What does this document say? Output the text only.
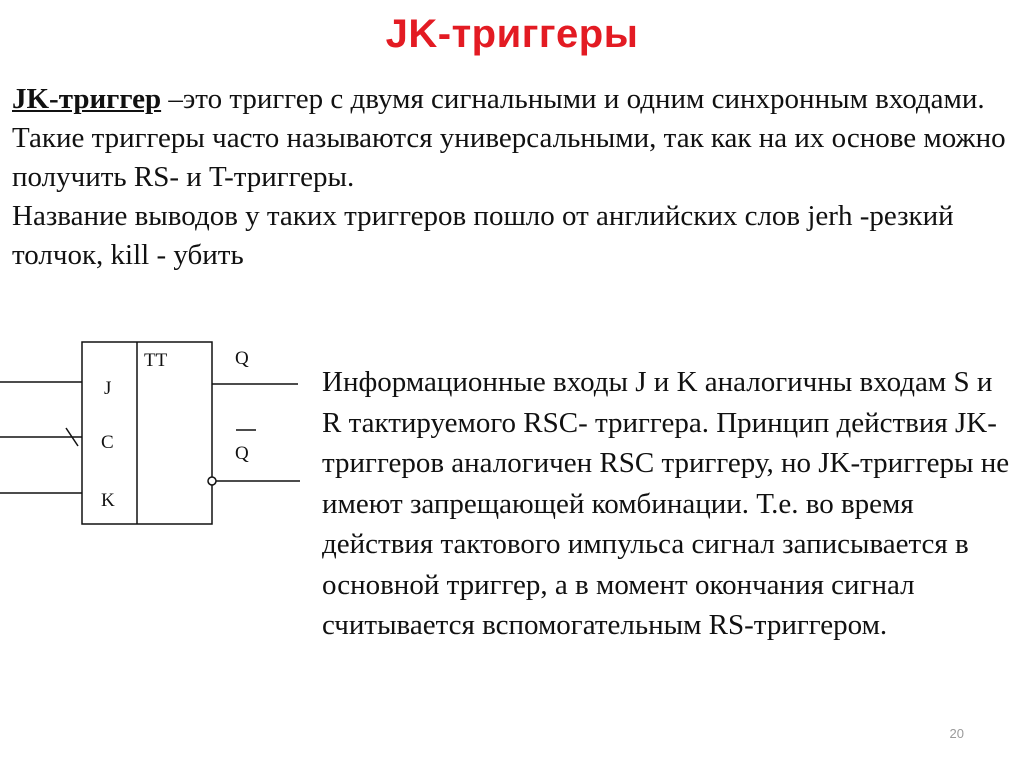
JK-триггеры
JK-триггер –это триггер с двумя сигнальными и одним синхронным входами.
Такие триггеры часто называются универсальными, так как на их основе можно получить RS- и T-триггеры.
Название выводов у таких триггеров пошло от английских слов jerh -резкий толчок, kill - убить
TT
J
C
K
Q
Q
Информационные входы J и K аналогичны входам S и R тактируемого RSC- триггера. Принцип действия JK-триггеров аналогичен RSC триггеру, но JK-триггеры не имеют запрещающей комбинации. Т.е. во время действия тактового импульса сигнал записывается в основной триггер, а в момент окончания сигнал считывается вспомогательным RS-триггером.
20
